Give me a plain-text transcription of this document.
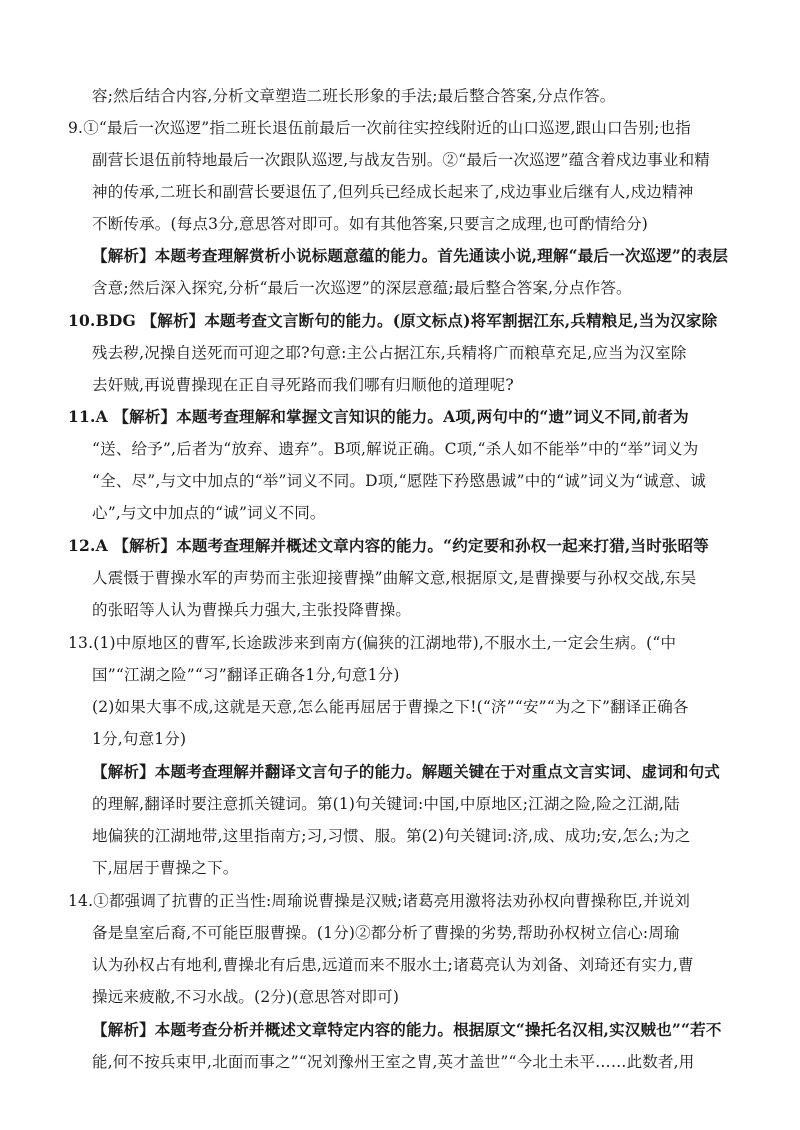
容;然后结合内容,分析文章塑造二班长形象的手法;最后整合答案,分点作答。
9.①“最后一次巡逻”指二班长退伍前最后一次前往实控线附近的山口巡逻,跟山口告别;也指
副营长退伍前特地最后一次跟队巡逻,与战友告别。②“最后一次巡逻”蕴含着戍边事业和精
神的传承,二班长和副营长要退伍了,但列兵已经成长起来了,戍边事业后继有人,戍边精神
不断传承。(每点3分,意思答对即可。如有其他答案,只要言之成理,也可酌情给分)
【解析】本题考查理解赏析小说标题意蕴的能力。首先通读小说,理解“最后一次巡逻”的表层
含意;然后深入探究,分析“最后一次巡逻”的深层意蕴;最后整合答案,分点作答。
10.BDG 【解析】本题考查文言断句的能力。(原文标点)将军割据江东,兵精粮足,当为汉家除
残去秽,况操自送死而可迎之耶?句意:主公占据江东,兵精将广而粮草充足,应当为汉室除
去奸贼,再说曹操现在正自寻死路而我们哪有归顺他的道理呢?
11.A 【解析】本题考查理解和掌握文言知识的能力。A项,两句中的“遗”词义不同,前者为
“送、给予”,后者为“放弃、遗弃”。B项,解说正确。C项,“杀人如不能举”中的“举”词义为
“全、尽”,与文中加点的“举”词义不同。D项,“愿陛下矜愍愚诚”中的“诚”词义为“诚意、诚
心”,与文中加点的“诚”词义不同。
12.A 【解析】本题考查理解并概述文章内容的能力。“约定要和孙权一起来打猎,当时张昭等
人震慑于曹操水军的声势而主张迎接曹操”曲解文意,根据原文,是曹操要与孙权交战,东吴
的张昭等人认为曹操兵力强大,主张投降曹操。
13.(1)中原地区的曹军,长途跋涉来到南方(偏狭的江湖地带),不服水土,一定会生病。(“中
国”“江湖之险”“习”翻译正确各1分,句意1分)
(2)如果大事不成,这就是天意,怎么能再屈居于曹操之下!(“济”“安”“为之下”翻译正确各
1分,句意1分)
【解析】本题考查理解并翻译文言句子的能力。解题关键在于对重点文言实词、虚词和句式
的理解,翻译时要注意抓关键词。第(1)句关键词:中国,中原地区;江湖之险,险之江湖,陆
地偏狭的江湖地带,这里指南方;习,习惯、服。第(2)句关键词:济,成、成功;安,怎么;为之
下,屈居于曹操之下。
14.①都强调了抗曹的正当性:周瑜说曹操是汉贼;诸葛亮用激将法劝孙权向曹操称臣,并说刘
备是皇室后裔,不可能臣服曹操。(1分)②都分析了曹操的劣势,帮助孙权树立信心:周瑜
认为孙权占有地利,曹操北有后患,远道而来不服水土;诸葛亮认为刘备、刘琦还有实力,曹
操远来疲敝,不习水战。(2分)(意思答对即可)
【解析】本题考查分析并概述文章特定内容的能力。根据原文“操托名汉相,实汉贼也”“若不
能,何不按兵束甲,北面而事之”“况刘豫州王室之胄,英才盖世”“今北土未平……此数者,用
